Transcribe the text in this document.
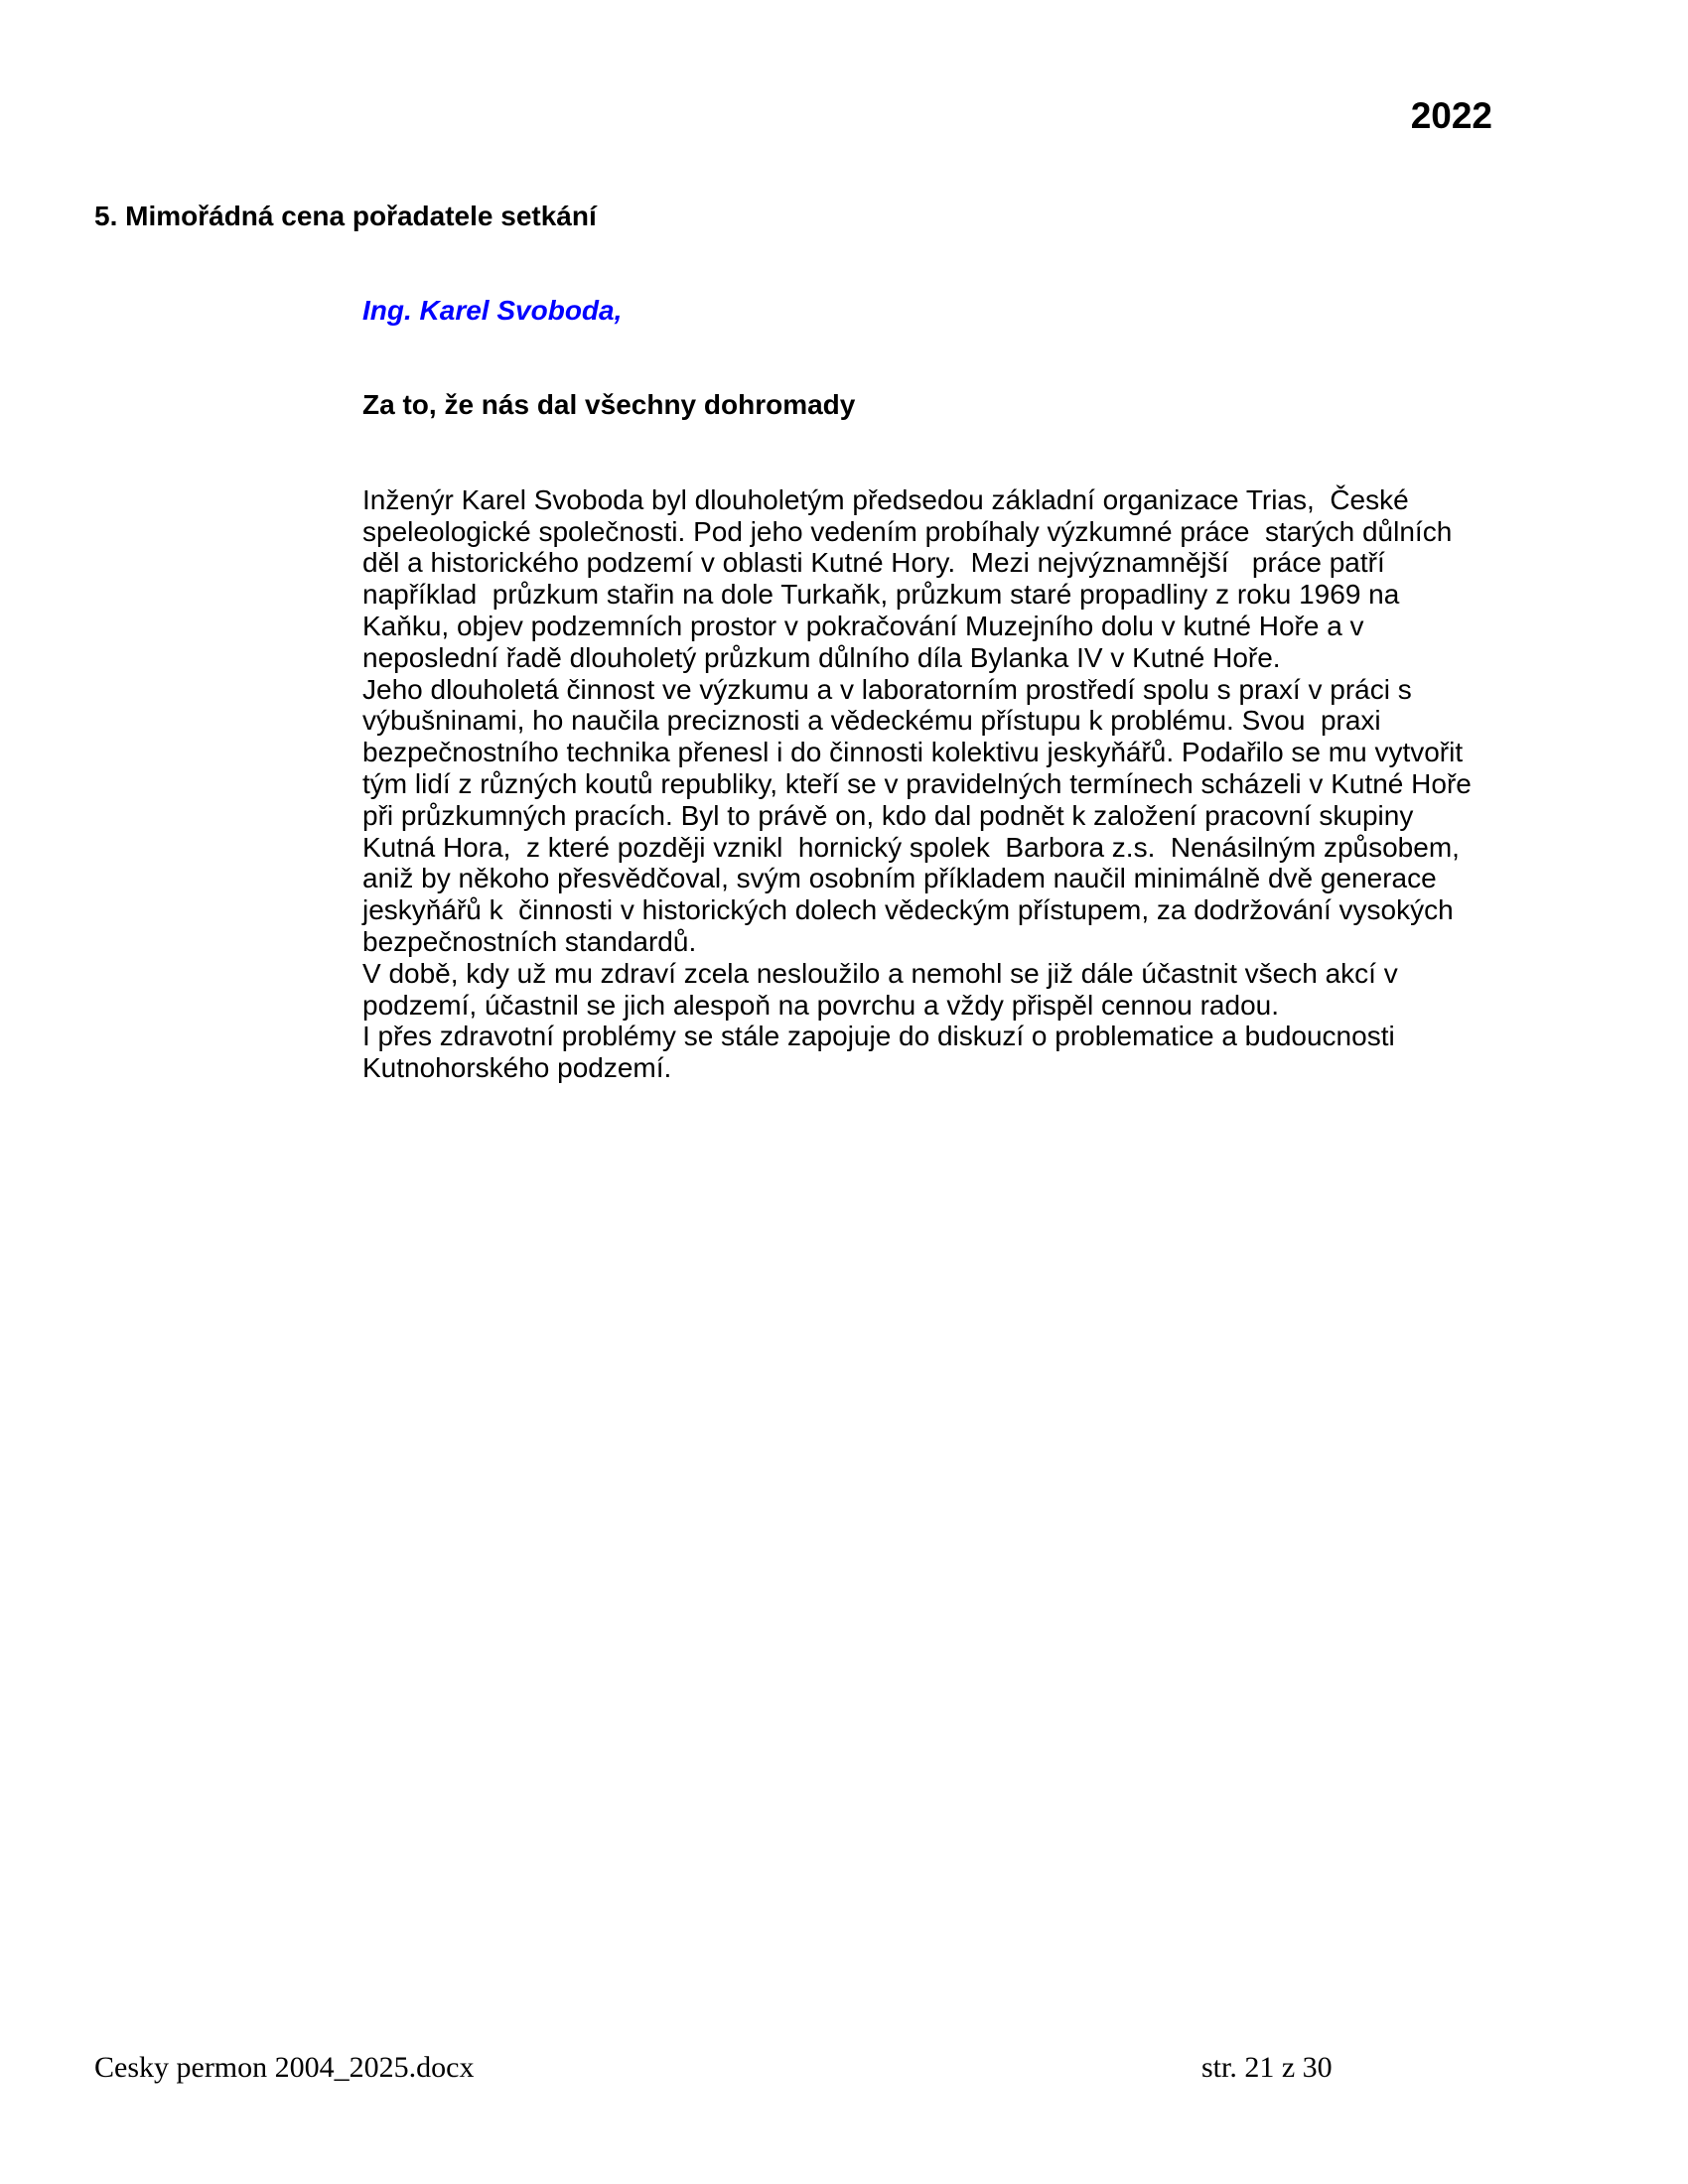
2022

5. Mimořádná cena pořadatele setkání

Ing. Karel Svoboda,

Za to, že nás dal všechny dohromady

Inženýr Karel Svoboda byl dlouholetým předsedou základní organizace Trias,  České
speleologické společnosti. Pod jeho vedením probíhaly výzkumné práce  starých důlních
děl a historického podzemí v oblasti Kutné Hory.  Mezi nejvýznamnější   práce patří
například  průzkum stařin na dole Turkaňk, průzkum staré propadliny z roku 1969 na
Kaňku, objev podzemních prostor v pokračování Muzejního dolu v kutné Hoře a v
neposlední řadě dlouholetý průzkum důlního díla Bylanka IV v Kutné Hoře.
Jeho dlouholetá činnost ve výzkumu a v laboratorním prostředí spolu s praxí v práci s
výbušninami, ho naučila preciznosti a vědeckému přístupu k problému. Svou  praxi
bezpečnostního technika přenesl i do činnosti kolektivu jeskyňářů. Podařilo se mu vytvořit
tým lidí z různých koutů republiky, kteří se v pravidelných termínech scházeli v Kutné Hoře
při průzkumných pracích. Byl to právě on, kdo dal podnět k založení pracovní skupiny
Kutná Hora,  z které později vznikl  hornický spolek  Barbora z.s.  Nenásilným způsobem,
aniž by někoho přesvědčoval, svým osobním příkladem naučil minimálně dvě generace
jeskyňářů k  činnosti v historických dolech vědeckým přístupem, za dodržování vysokých
bezpečnostních standardů.
V době, kdy už mu zdraví zcela nesloužilo a nemohl se již dále účastnit všech akcí v
podzemí, účastnil se jich alespoň na povrchu a vždy přispěl cennou radou.
I přes zdravotní problémy se stále zapojuje do diskuzí o problematice a budoucnosti
Kutnohorského podzemí.

Cesky permon 2004_2025.docx	str. 21 z 30
